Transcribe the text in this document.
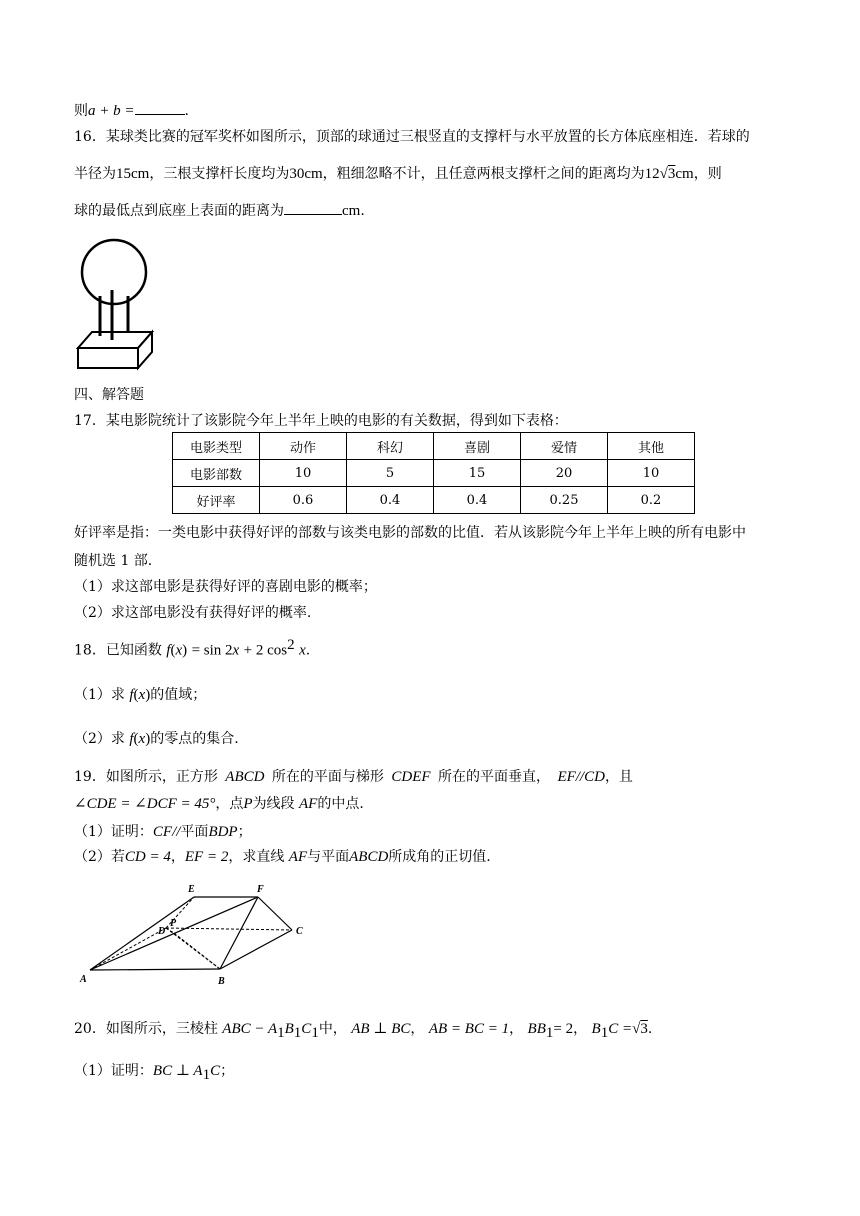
则a + b =	.
16．某球类比赛的冠军奖杯如图所示，顶部的球通过三根竖直的支撑杆与水平放置的长方体底座相连．若球的
半径为15cm，三根支撑杆长度均为30cm，粗细忽略不计，且任意两根支撑杆之间的距离均为12√3cm，则
球的最低点到底座上表面的距离为	cm.
四、解答题
17．某电影院统计了该影院今年上半年上映的电影的有关数据，得到如下表格：
电影类型	动作	科幻	喜剧	爱情	其他
电影部数	10	5	15	20	10
好评率	0.6	0.4	0.4	0.25	0.2
好评率是指：一类电影中获得好评的部数与该类电影的部数的比值．若从该影院今年上半年上映的所有电影中
随机选 1 部.
（1）求这部电影是获得好评的喜剧电影的概率；
（2）求这部电影没有获得好评的概率.
18．已知函数 f(x) = sin 2x + 2 $\cos^2 x$.
（1）求 f(x)的值域；
（2）求 f(x)的零点的集合.
19．如图所示，正方形 ABCD 所在的平面与梯形 CDEF 所在的平面垂直， EF//CD，且
∠CDE = ∠DCF = 45°，点P为线段 AF的中点.
（1）证明：CF//平面BDP；
（2）若CD = 4，EF = 2，求直线 AF与平面ABCD所成角的正切值.
E	F
P
D	C
A	B
20．如图所示，三棱柱 ABC − $A_1B_1C_1$中， AB ⊥ BC， AB = BC = 1， $BB_1= 2$， $B_1C =√3$.
（1）证明：BC ⊥ $A_1C$；
